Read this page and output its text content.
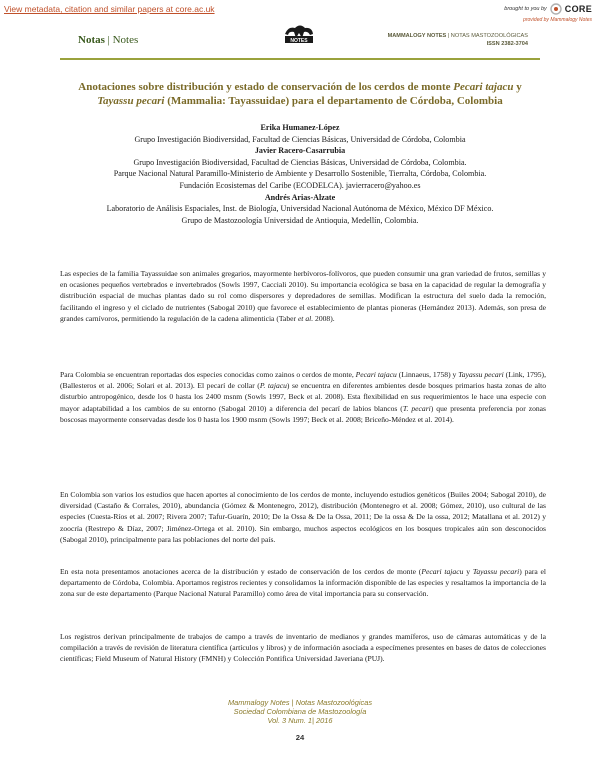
View metadata, citation and similar papers at core.ac.uk	brought to you by CORE
provided by Mammalogy Notes
Notas | Notes	NOTES
MAMMALOGY NOTES | NOTAS MASTOZOOLÓGICAS
ISSN 2382-3704
Anotaciones sobre distribución y estado de conservación de los cerdos de monte Pecari tajacu y Tayassu pecari (Mammalia: Tayassuidae) para el departamento de Córdoba, Colombia
Erika Humanez-López
Grupo Investigación Biodiversidad, Facultad de Ciencias Básicas, Universidad de Córdoba, Colombia
Javier Racero-Casarrubia
Grupo Investigación Biodiversidad, Facultad de Ciencias Básicas, Universidad de Córdoba, Colombia.
Parque Nacional Natural Paramillo-Ministerio de Ambiente y Desarrollo Sostenible, Tierralta, Córdoba, Colombia.
Fundación Ecosistemas del Caribe (ECODELCA). javierracero@yahoo.es
Andrés Arias-Alzate
Laboratorio de Análisis Espaciales, Inst. de Biología, Universidad Nacional Autónoma de México, México DF México.
Grupo de Mastozoología Universidad de Antioquia, Medellín, Colombia.

Las especies de la familia Tayassuidae son animales gregarios, mayormente herbívoros-folívoros, que pueden consumir una gran variedad de frutos, semillas y en ocasiones pequeños vertebrados e invertebrados (Sowls 1997, Cacciali 2010). Su importancia ecológica se basa en la capacidad de regular la demografía y distribución espacial de muchas plantas dado su rol como dispersores y depredadores de semillas. Modifican la estructura del suelo dada la remoción, facilitando el ingreso y el ciclado de nutrientes (Sabogal 2010) que favorece el establecimiento de plantas pioneras (Hernández 2013). Además, son presa de grandes carnívoros, permitiendo la regulación de la cadena alimenticia (Taber et al. 2008).

Para Colombia se encuentran reportadas dos especies conocidas como zainos o cerdos de monte, Pecari tajacu (Linnaeus, 1758) y Tayassu pecari (Link, 1795), (Ballesteros et al. 2006; Solari et al. 2013). El pecarí de collar (P. tajacu) se encuentra en diferentes ambientes desde bosques primarios hasta zonas de alto disturbio antropogénico, desde los 0 hasta los 2400 msnm (Sowls 1997, Beck et al. 2008). Esta flexibilidad en sus requerimientos le hace una especie con mayor adaptabilidad a los cambios de su entorno (Sabogal 2010) a diferencia del pecarí de labios blancos (T. pecari) que presenta preferencia por zonas boscosas mayormente conservadas desde los 0 hasta los 1900 msnm (Sowls 1997; Beck et al. 2008; Briceño-Méndez et al. 2014).

En Colombia son varios los estudios que hacen aportes al conocimiento de los cerdos de monte, incluyendo estudios genéticos (Builes 2004; Sabogal 2010), de diversidad (Castaño & Corrales, 2010), abundancia (Gómez & Montenegro, 2012), distribución (Montenegro et al. 2008; Gómez, 2010), uso cultural de las especies (Cuesta-Ríos et al. 2007; Rivera 2007; Tafur-Guarín, 2010; De la Ossa & De la Ossa, 2011; De la ossa & De la ossa, 2012; Matallana et al. 2012) y zoocría (Restrepo & Díaz, 2007; Jiménez-Ortega et al. 2010). Sin embargo, muchos aspectos ecológicos en los bosques tropicales aún son desconocidos (Sabogal 2010), principalmente para las poblaciones del norte del país.

En esta nota presentamos anotaciones acerca de la distribución y estado de conservación de los cerdos de monte (Pecari tajacu y Tayassu pecari) para el departamento de Córdoba, Colombia. Aportamos registros recientes y consolidamos la información disponible de las especies y resaltamos la importancia de la zona sur de este departamento (Parque Nacional Natural Paramillo) como área de vital importancia para su conservación.

Los registros derivan principalmente de trabajos de campo a través de inventario de medianos y grandes mamíferos, uso de cámaras automáticas y de la compilación a través de revisión de literatura científica (artículos y libros) y de información asociada a especímenes presentes en bases de datos de colecciones científicas; Field Museum of Natural History (FMNH) y Colección Pontifica Universidad Javeriana (PUJ).

Mammalogy Notes | Notas Mastozoológicas
Sociedad Colombiana de Mastozoología
Vol. 3 Num. 1| 2016
24
